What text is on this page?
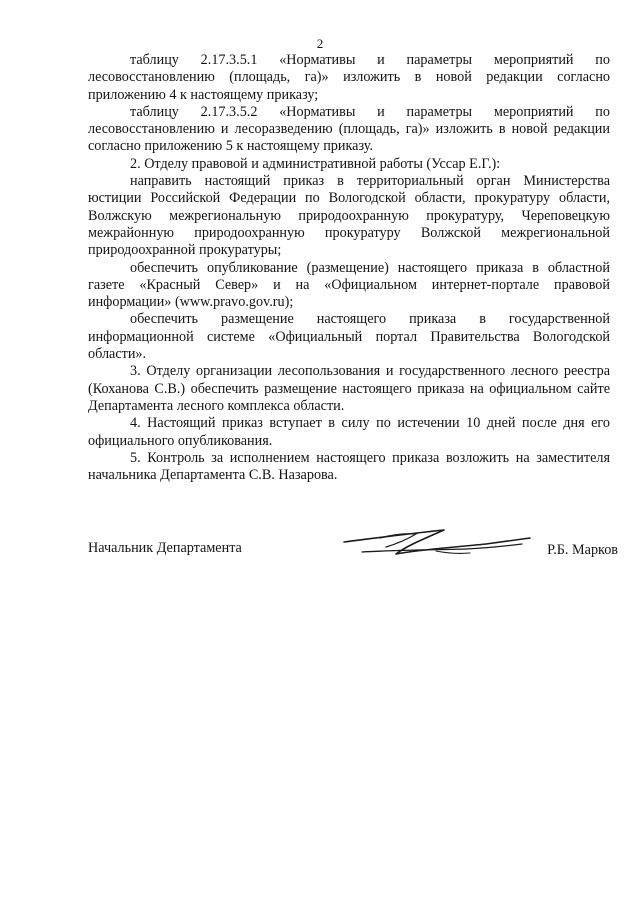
2

таблицу 2.17.3.5.1 «Нормативы и параметры мероприятий по лесовосстановлению (площадь, га)» изложить в новой редакции согласно приложению 4 к настоящему приказу;

таблицу 2.17.3.5.2 «Нормативы и параметры мероприятий по лесовосстановлению и лесоразведению (площадь, га)» изложить в новой редакции согласно приложению 5 к настоящему приказу.

2. Отделу правовой и административной работы (Уссар Е.Г.):

направить настоящий приказ в территориальный орган Министерства юстиции Российской Федерации по Вологодской области, прокуратуру области, Волжскую межрегиональную природоохранную прокуратуру, Череповецкую межрайонную природоохранную прокуратуру Волжской межрегиональной природоохранной прокуратуры;

обеспечить опубликование (размещение) настоящего приказа в областной газете «Красный Север» и на «Официальном интернет-портале правовой информации» (www.pravo.gov.ru);

обеспечить размещение настоящего приказа в государственной информационной системе «Официальный портал Правительства Вологодской области».

3. Отделу организации лесопользования и государственного лесного реестра (Коханова С.В.) обеспечить размещение настоящего приказа на официальном сайте Департамента лесного комплекса области.

4. Настоящий приказ вступает в силу по истечении 10 дней после дня его официального опубликования.

5. Контроль за исполнением настоящего приказа возложить на заместителя начальника Департамента С.В. Назарова.

Начальник Департамента	Р.Б. Марков
